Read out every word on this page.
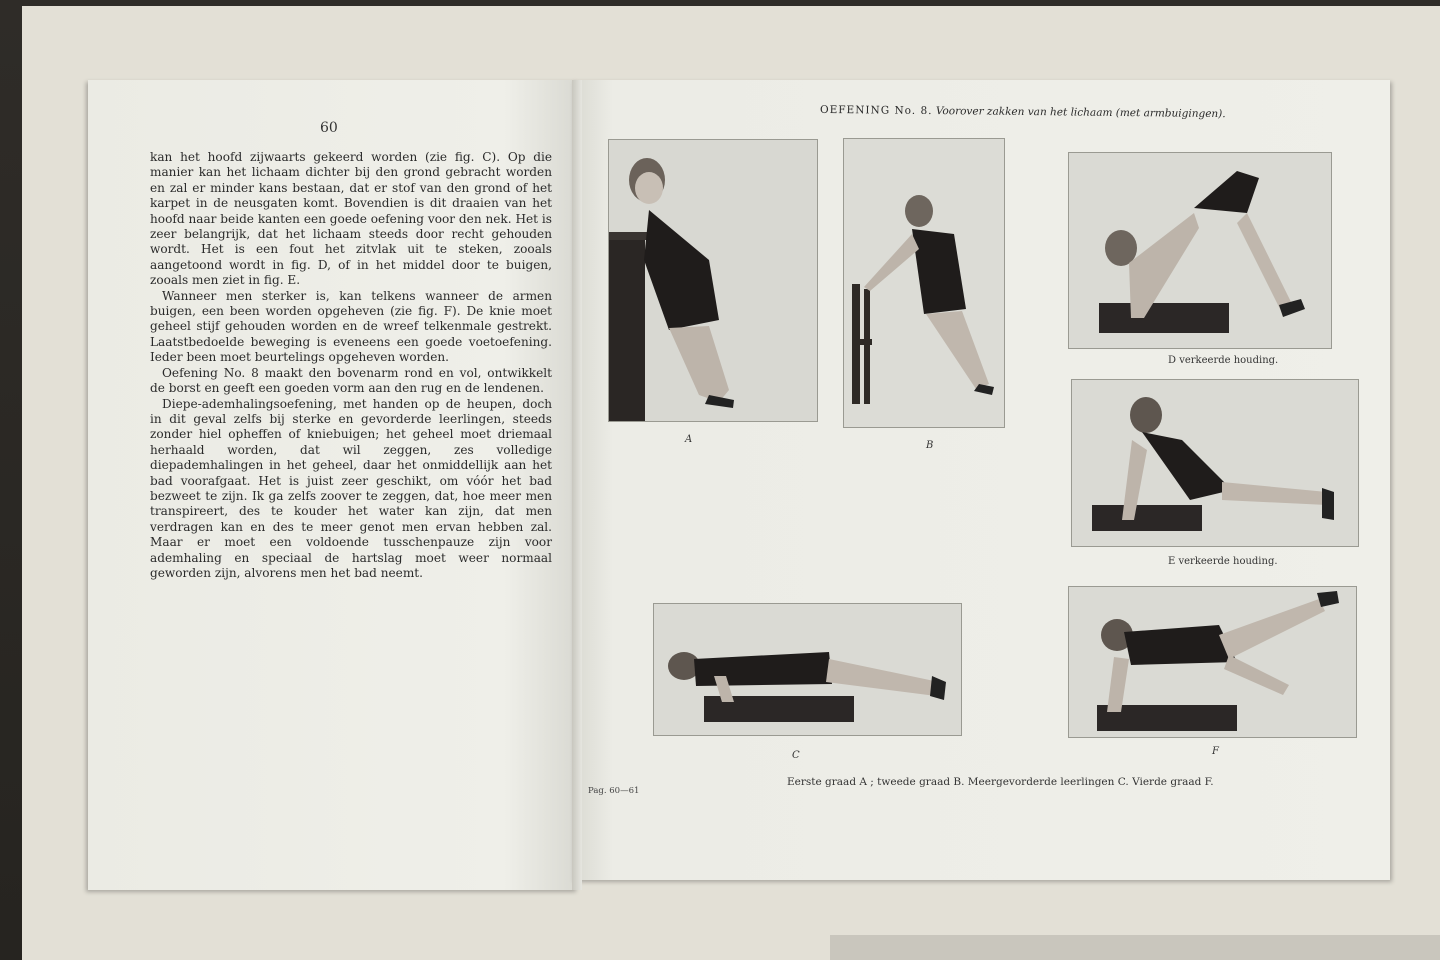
60

kan het hoofd zijwaarts gekeerd worden (zie fig. C). Op die manier kan het lichaam dichter bij den grond gebracht worden en zal er minder kans bestaan, dat er stof van den grond of het karpet in de neusgaten komt. Bovendien is dit draaien van het hoofd naar beide kanten een goede oefening voor den nek. Het is zeer belangrijk, dat het lichaam steeds door recht gehouden wordt. Het is een fout het zitvlak uit te steken, zooals aangetoond wordt in fig. D, of in het middel door te buigen, zooals men ziet in fig. E.

Wanneer men sterker is, kan telkens wanneer de armen buigen, een been worden opgeheven (zie fig. F). De knie moet geheel stijf gehouden worden en de wreef telkenmale gestrekt. Laatstbedoelde beweging is eveneens een goede voetoefening. Ieder been moet beurtelings opgeheven worden.

Oefening No. 8 maakt den bovenarm rond en vol, ontwikkelt de borst en geeft een goeden vorm aan den rug en de lendenen.

Diepe-ademhalingsoefening, met handen op de heupen, doch in dit geval zelfs bij sterke en gevorderde leerlingen, steeds zonder hiel opheffen of kniebuigen; het geheel moet driemaal herhaald worden, dat wil zeggen, zes volledige diepademhalingen in het geheel, daar het onmiddellijk aan het bad voorafgaat. Het is juist zeer geschikt, om vóór het bad bezweet te zijn. Ik ga zelfs zoover te zeggen, dat, hoe meer men transpireert, des te kouder het water kan zijn, dat men verdragen kan en des te meer genot men ervan hebben zal. Maar er moet een voldoende tusschenpauze zijn voor ademhaling en speciaal de hartslag moet weer normaal geworden zijn, alvorens men het bad neemt.

OEFENING No. 8. Voorover zakken van het lichaam (met armbuigingen).
A
B
D verkeerde houding.
E verkeerde houding.
C	F
Eerste graad A ; tweede graad B. Meergevorderde leerlingen C. Vierde graad F.
Pag. 60—61
